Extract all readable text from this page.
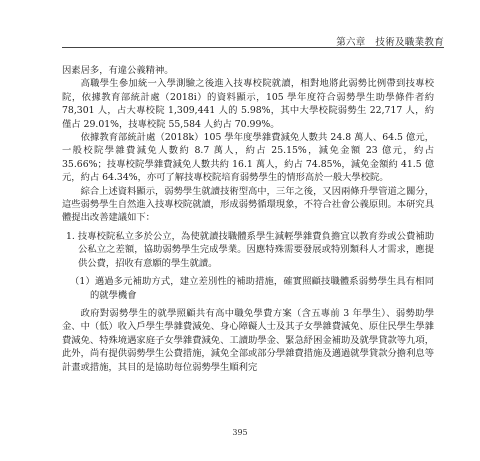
第六章　技術及職業教育

因素居多，有違公義精神。

高職學生參加統一入學測驗之後進入技專校院就讀，相對地將此弱勢比例帶到技專校院，依據教育部統計處（2018i）的資料顯示，105 學年度符合弱勢學生助學條件者約 78,301 人，占大專校院 1,309,441 人的 5.98%，其中大學校院弱勢生 22,717 人，約僅占 29.01%，技專校院 55,584 人約占 70.99%。

依據教育部統計處（2018k）105 學年度學雜費減免人數共 24.8 萬人、64.5 億元，一般校院學雜費減免人數約 8.7 萬人，約占 25.15%，減免金額 23 億元，約占 35.66%；技專校院學雜費減免人數共約 16.1 萬人，約占 74.85%，減免金額約 41.5 億元，約占 64.34%，亦可了解技專校院培育弱勢學生的情形高於一般大學校院。

綜合上述資料顯示，弱勢學生就讀技術型高中，三年之後，又因兩條升學管道之關分，這些弱勢學生自然進入技專校院就讀，形成弱勢循環現象，不符合社會公義原則。本研究具體提出改善建議如下：

1. 技專校院私立多於公立，為使就讀技職體系學生減輕學雜費負擔宜以教育券或公費補助公私立之差額，協助弱勢學生完成學業。因應特殊需要發展或特別類科人才需求，應提供公費，招收有意願的學生就讀。

（1）邁過多元補助方式，建立差別性的補助措施，確實照顧技職體系弱勢學生具有相同的就學機會

政府對弱勢學生的就學照顧共有高中職免學費方案（含五專前 3 年學生）、弱勢助學金、中（低）收入戶學生學雜費減免、身心障礙人士及其子女學雜費減免、原住民學生學雜費減免、特殊境遇家庭子女學雜費減免、工讀助學金、緊急紓困金補助及就學貸款等九項，此外，尚有提供弱勢學生公費措施，減免全部或部分學雜費措施及邁過就學貸款分擔利息等計畫或措施，其目的是協助每位弱勢學生順利完

395
